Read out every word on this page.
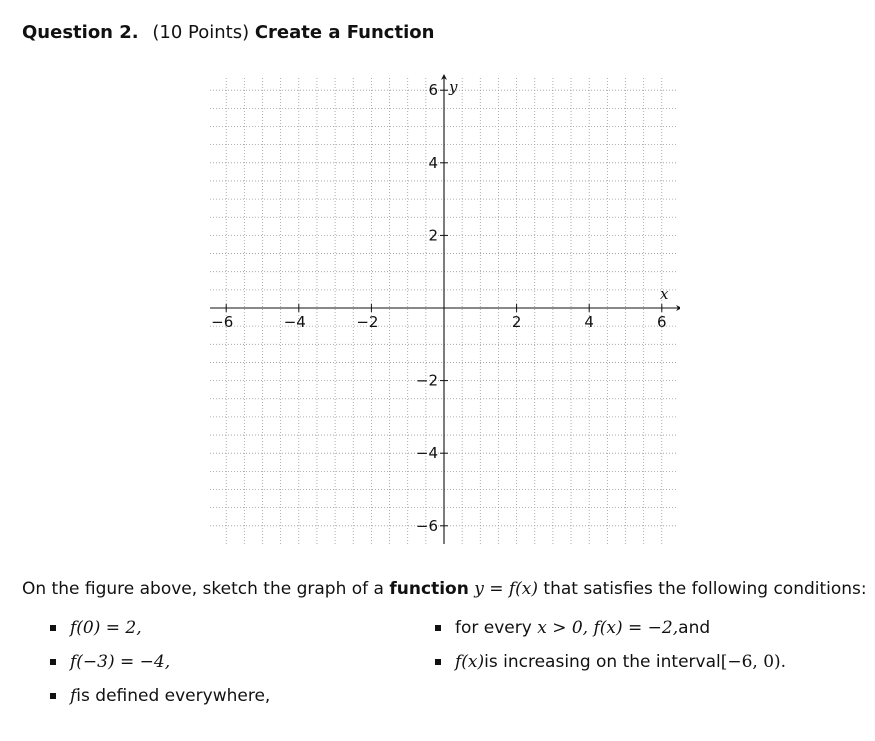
Question 2. (10 Points) Create a Function
x
y
−6	−4	−2	2	4	6
6
4
2
−2
−4
−6
On the figure above, sketch the graph of a function y = f(x) that satisfies the following conditions:
f(0) = 2,
f(−3) = −4,
f is defined everywhere,
for every
x > 0, f(x) = −2, and
f(x) is increasing on the interval [−6, 0).
